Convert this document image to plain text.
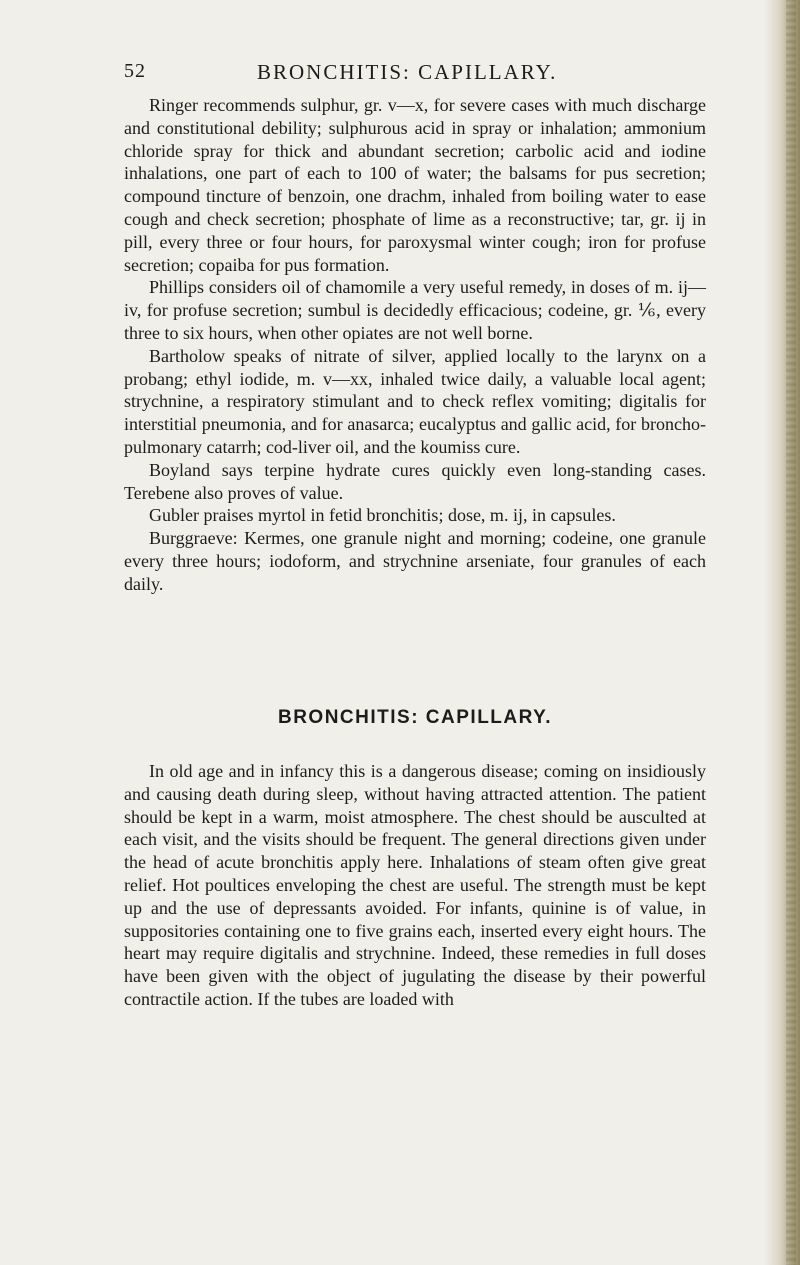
52	BRONCHITIS: CAPILLARY.

Ringer recommends sulphur, gr. v—x, for severe cases with much discharge and constitutional debility; sulphurous acid in spray or inhalation; ammonium chloride spray for thick and abundant secretion; carbolic acid and iodine inhalations, one part of each to 100 of water; the balsams for pus secretion; compound tincture of benzoin, one drachm, inhaled from boiling water to ease cough and check secretion; phosphate of lime as a reconstructive; tar, gr. ij in pill, every three or four hours, for paroxysmal winter cough; iron for profuse secretion; copaiba for pus formation.

Phillips considers oil of chamomile a very useful remedy, in doses of m. ij—iv, for profuse secretion; sumbul is decidedly efficacious; codeine, gr. ⅙, every three to six hours, when other opiates are not well borne.

Bartholow speaks of nitrate of silver, applied locally to the larynx on a probang; ethyl iodide, m. v—xx, inhaled twice daily, a valuable local agent; strychnine, a respiratory stimulant and to check reflex vomiting; digitalis for interstitial pneumonia, and for anasarca; eucalyptus and gallic acid, for broncho-pulmonary catarrh; cod-liver oil, and the koumiss cure.

Boyland says terpine hydrate cures quickly even long-standing cases. Terebene also proves of value.

Gubler praises myrtol in fetid bronchitis; dose, m. ij, in capsules.

Burggraeve: Kermes, one granule night and morning; codeine, one granule every three hours; iodoform, and strychnine arseniate, four granules of each daily.

BRONCHITIS: CAPILLARY.

In old age and in infancy this is a dangerous disease; coming on insidiously and causing death during sleep, without having attracted attention. The patient should be kept in a warm, moist atmosphere. The chest should be ausculted at each visit, and the visits should be frequent. The general directions given under the head of acute bronchitis apply here. Inhalations of steam often give great relief. Hot poultices enveloping the chest are useful. The strength must be kept up and the use of depressants avoided. For infants, quinine is of value, in suppositories containing one to five grains each, inserted every eight hours. The heart may require digitalis and strychnine. Indeed, these remedies in full doses have been given with the object of jugulating the disease by their powerful contractile action. If the tubes are loaded with
